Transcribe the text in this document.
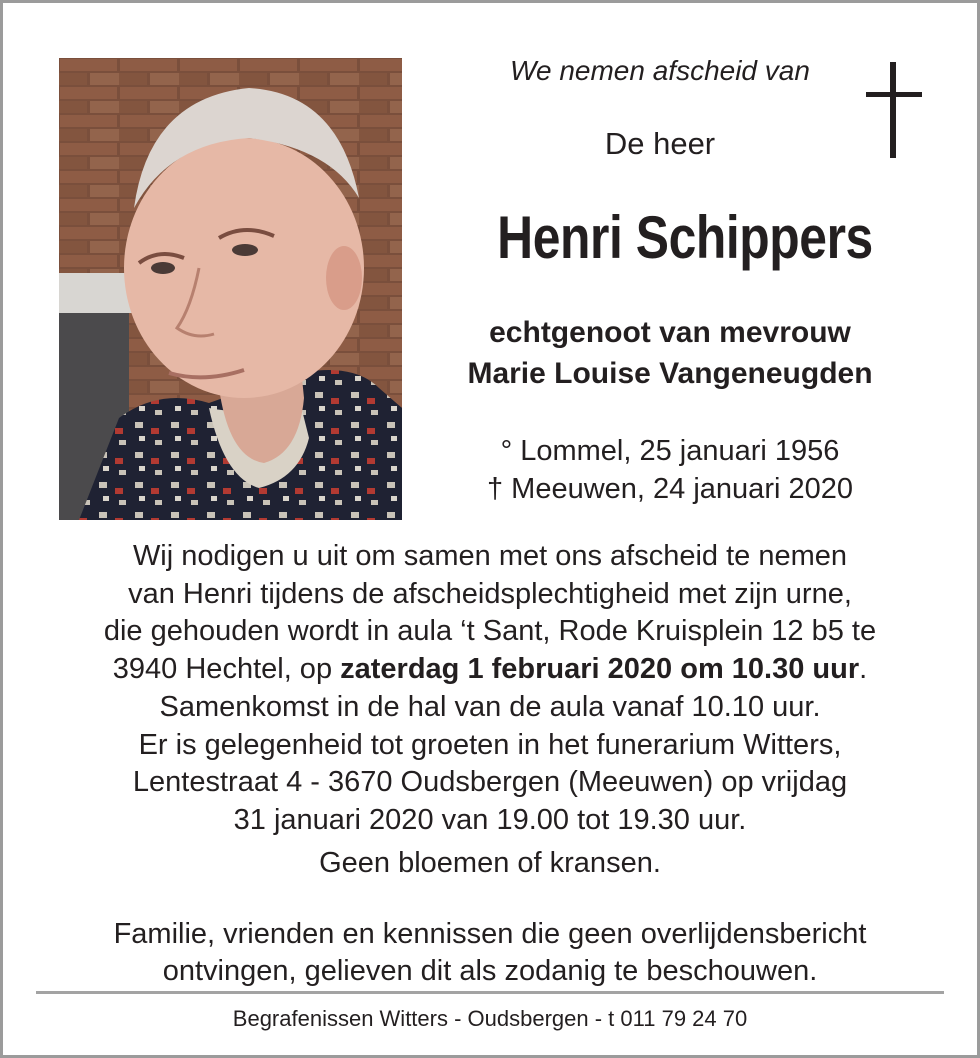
We nemen afscheid van
De heer
Henri Schippers
echtgenoot van mevrouw
Marie Louise Vangeneugden
° Lommel, 25 januari 1956
† Meeuwen, 24 januari 2020
Wij nodigen u uit om samen met ons afscheid te nemen
van Henri tijdens de afscheidsplechtigheid met zijn urne,
die gehouden wordt in aula ‘t Sant, Rode Kruisplein 12 b5 te
3940 Hechtel, op zaterdag 1 februari 2020 om 10.30 uur.
Samenkomst in de hal van de aula vanaf 10.10 uur.
Er is gelegenheid tot groeten in het funerarium Witters,
Lentestraat 4 - 3670 Oudsbergen (Meeuwen) op vrijdag
31 januari 2020 van 19.00 tot 19.30 uur.
Geen bloemen of kransen.
Familie, vrienden en kennissen die geen overlijdensbericht
ontvingen, gelieven dit als zodanig te beschouwen.
Begrafenissen Witters - Oudsbergen - t 011 79 24 70
